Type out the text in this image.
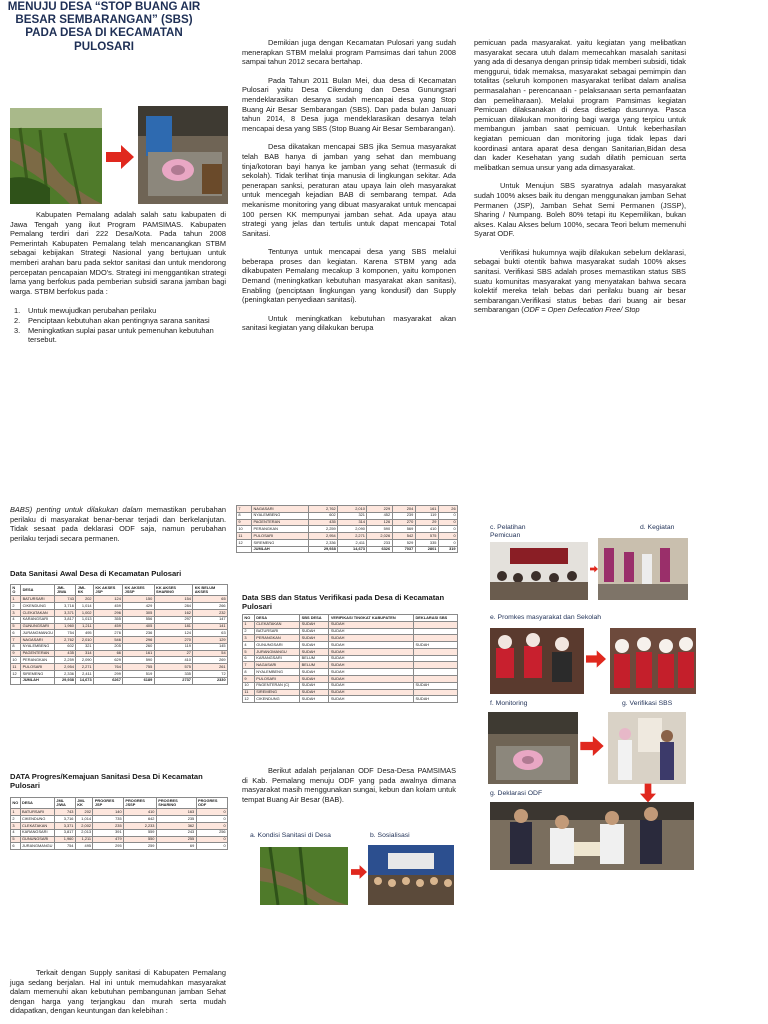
MENUJU DESA “STOP BUANG AIR BESAR SEMBARANGAN” (SBS) PADA DESA DI KECAMATAN PULOSARI

Kabupaten Pemalang adalah salah satu kabupaten di Jawa Tengah yang ikut Program PAMSIMAS. Kabupaten Pemalang terdiri dari 222 Desa/Kota. Pada tahun 2008 Pemerintah Kabupaten Pemalang telah mencanangkan STBM sebagai kebijakan Strategi Nasional yang bertujuan untuk memberi arahan baru pada sektor sanitasi dan untuk mendorong percepatan pencapaian MDO's. Strategi ini menggantikan strategi lama yang berfokus pada pemberian subsidi sarana jamban bagi warga. STBM berfokus pada :

1. Untuk mewujudkan perubahan perilaku
2. Penciptaan kebutuhan akan pentingnya sarana sanitasi
3. Meningkatkan suplai pasar untuk pemenuhan kebutuhan tersebut.

Demikian juga dengan Kecamatan Pulosari yang sudah menerapkan STBM melalui program Pamsimas dari tahun 2008 sampai tahun 2012 secara bertahap.

Pada Tahun 2011 Bulan Mei, dua desa di Kecamatan Pulosari yaitu Desa Cikendung dan Desa Gunungsari mendeklarasikan desanya sudah mencapai desa yang Stop Buang Air Besar Sembarangan (SBS). Dan pada bulan Januari tahun 2014, 8 Desa juga mendeklarasikan desanya telah mencapai desa yang SBS (Stop Buang Air Besar Sembarangan).

Desa dikatakan mencapai SBS jika Semua masyarakat telah BAB hanya di jamban yang sehat dan membuang tinja/kotoran bayi hanya ke jamban yang sehat (termasuk di sekolah). Tidak terlihat tinja manusia di lingkungan sekitar. Ada penerapan sanksi, peraturan atau upaya lain oleh masyarakat untuk mencegah kejadian BAB di sembarang tempat. Ada mekanisme monitoring yang dibuat masyarakat untuk mencapai 100 persen KK mempunyai jamban sehat. Ada upaya atau strategi yang jelas dan tertulis untuk dapat mencapai Total Sanitasi.

Tentunya untuk mencapai desa yang SBS melalui beberapa proses dan kegiatan. Karena STBM yang ada dikabupaten Pemalang mecakup 3 komponen, yaitu komponen Demand (meningkatkan kebutuhan masyarakat akan sanitasi), Enabling (penciptaan lingkungan yang kondusif) dan Supply (peningkatan penyediaan sanitasi).

Untuk meningkatkan kebutuhan masyarakat akan sanitasi kegiatan yang dilakukan berupa

pemicuan pada masyarakat. yaitu kegiatan yang melibatkan masyarakat secara utuh dalam memecahkan masalah sanitasi yang ada di desanya dengan prinsip tidak memberi subsidi, tidak menggurui, tidak memaksa, masyarakat sebagai pemimpin dan totalitas (seluruh komponen masyarakat terlibat dalam analisa permasalahan - perencanaan - pelaksanaan serta pemanfaatan dan pemeliharaan). Melalui program Pamsimas kegiatan Pemicuan dilaksanakan di desa disetiap dusunnya. Pasca pemicuan dilakukan monitoring bagi warga yang terpicu untuk membangun jamban saat pemicuan. Untuk keberhasilan kegiatan pemicuan dan monitoring juga tidak lepas dari koordinasi antara aparat desa dengan Sanitarian,Bidan desa dan kader Kesehatan yang sudah dilatih pemicuan serta melibatkan semua unsur yang ada dimasyarakat.

Untuk Menujun SBS syaratnya adalah masyarakat sudah 100% akses baik itu dengan menggunakan jamban Sehat Permanen (JSP), Jamban Sehat Semi Permanen (JSSP), Sharing / Numpang. Boleh 80% tetapi itu Kepemilikan, bukan akses. Kalau Akses belum 100%, secara Teori belum memenuhi Syarat ODF.

Verifikasi hukumnya wajib dilakukan sebelum deklarasi, sebagai bukti otentik bahwa masyarakat sudah 100% akses sanitasi. Verifikasi SBS adalah proses memastikan status SBS suatu komunitas masyarakat yang menyatakan bahwa secara kolektif mereka telah bebas dari perilaku buang air besar sembarangan.Verifikasi status bebas dari buang air besar sembarangan (ODF = Open Defecation Free/ Stop

BABS) penting untuk dilakukan dalam memastikan perubahan perilaku di masyarakat benar-benar terjadi dan berkelanjutan. Tidak sesaat pada deklarasi ODF saja, namun perubahan perilaku terjadi secara permanen.

Data Sanitasi Awal Desa di Kecamatan Pulosari
N O	DESA	JML JIWA	JML KK	KK AKSES JSP	KK AKSES JSSP	KK AKSES SHARING	KK BELUM AKSES
1	BATURSARI	743	202	124	150	154	65
2	CIKENDUNG	3,716	1,014	459	429	284	266
3	CLEKATAKAN	3,371	1,002	296	305	162	232
4	KARANGSARI	3,817	1,013	355	556	297	147
5	GUNUNGSARI	1,960	1,211	459	405	181	141
6	JURANGMANGU	754	495	276	236	124	63
7	NAGASARI	2,762	2,010	546	296	270	129
8	NYALEMBENG	602	321	205	260	119	145
9	PAGENTERAN	435	314	66	161	27	54
10	PERANGKAN	2,259	2,090	629	590	410	269
11	PULOSARI	2,954	2,271	764	755	575	261
12	SIREMENG	2,336	2,411	299	519	335	72
	JUMLAH	29,938	14,673	6267	6189	2737	2330
DATA Progres/Kemajuan Sanitasi Desa Di Kecamatan Pulosari
NO	DESA	JML JIWA	JML KK	PROGRES JSP	PROGRES JSSP	PROGRES SHARING	PROGRES ODF
1	BATURSARI	743	202	140	410	163	0
2	CIKENDUNG	3,716	1,014	735	642	235	0
3	CLEKATAKAN	3,371	2,002	235	2,233	362	0
4	KARANGSARI	3,817	2,013	391	559	243	256
5	GUNUNGSARI	1,960	1,211	479	550	255	0
6	JURANGMANGU	754	495	295	259	69	0
7	NAGASARI	2,762	2,010	229	204	161	26
8	NYALEMBENG	602	321	452	239	119	0
9	PAGENTERAN	435	314	126	270	29	0
10	PERANGKAN	2,259	2,090	590	569	410	0
11	PULOSARI	2,954	2,271	2,026	542	575	0
12	SIREMENG	2,336	2,411	233	529	335	0
	JUMLAH	29,938	14,673	6326	7037	2801	319
Data SBS dan Status Verifikasi pada Desa di Kecamatan Pulosari
NO	DESA	SBS DESA	VERIFIKASI TINGKAT KABUPATEN	DEKLARASI SBS
1	CLEKATAKAN	SUDAH	SUDAH	
2	BATURSARI	SUDAH	SUDAH	
3	PERANGKAN	SUDAH	SUDAH	
4	GUNUNGSARI	SUDAH	SUDAH	SUDAH
5	JURANGMANGU	SUDAH	SUDAH	
6	KARANGSARI	BELUM	SUDAH	
7	NAGASARI	BELUM	SUDAH	
8	NYALEMBENG	SUDAH	SUDAH	
9	PULOSARI	SUDAH	SUDAH	
10	PAGENTERAN (C)	SUDAH	SUDAH	SUDAH
11	SIREMENG	SUDAH	SUDAH	
12	CIKENDUNG	SUDAH	SUDAH	SUDAH

Berikut adalah perjalanan ODF Desa-Desa PAMSIMAS di Kab. Pemalang menuju ODF yang pada awalnya dimana masyarakat masih menggunakan sungai, kebun dan kolam untuk tempat Buang Air Besar (BAB).

a. Kondisi Sanitasi di Desa	b. Sosialisasi
c. Pelatihan Pemicuan
d. Kegiatan
e. Promkes masyarakat dan Sekolah
f. Monitoring	g. Verifikasi SBS
g. Deklarasi ODF

Terkait dengan Supply sanitasi di Kabupaten Pemalang juga sedang berjalan. Hal ini untuk memudahkan masyarakat dalam memenuhi akan kebutuhan pembangunan jamban Sehat dengan harga yang terjangkau dan murah serta mudah didapatkan, dengan keuntungan dan kelebihan :
